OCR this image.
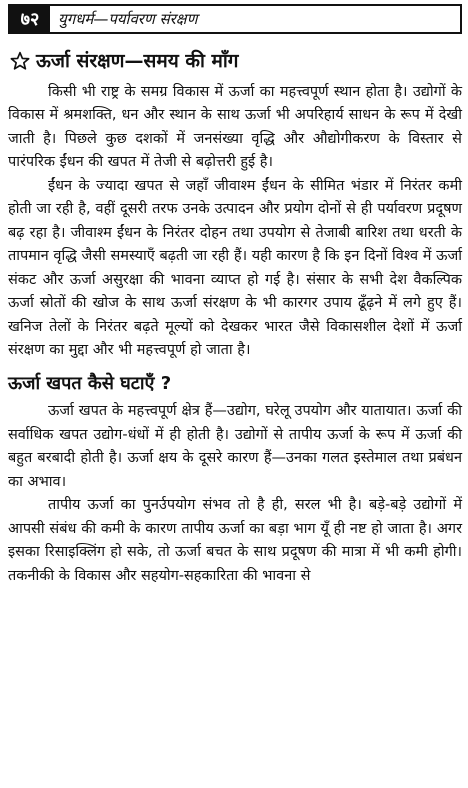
७२	युगधर्म—पर्यावरण संरक्षण
ऊर्जा संरक्षण—समय की माँग

किसी भी राष्ट्र के समग्र विकास में ऊर्जा का महत्त्वपूर्ण स्थान होता है। उद्योगों के विकास में श्रमशक्ति, धन और स्थान के साथ ऊर्जा भी अपरिहार्य साधन के रूप में देखी जाती है। पिछले कुछ दशकों में जनसंख्या वृद्धि और औद्योगीकरण के विस्तार से पारंपरिक ईंधन की खपत में तेजी से बढ़ोत्तरी हुई है।

ईंधन के ज्यादा खपत से जहाँ जीवाश्म ईंधन के सीमित भंडार में निरंतर कमी होती जा रही है, वहीं दूसरी तरफ उनके उत्पादन और प्रयोग दोनों से ही पर्यावरण प्रदूषण बढ़ रहा है। जीवाश्म ईंधन के निरंतर दोहन तथा उपयोग से तेजाबी बारिश तथा धरती के तापमान वृद्धि जैसी समस्याएँ बढ़ती जा रही हैं। यही कारण है कि इन दिनों विश्व में ऊर्जा संकट और ऊर्जा असुरक्षा की भावना व्याप्त हो गई है। संसार के सभी देश वैकल्पिक ऊर्जा स्रोतों की खोज के साथ ऊर्जा संरक्षण के भी कारगर उपाय ढूँढ़ने में लगे हुए हैं। खनिज तेलों के निरंतर बढ़ते मूल्यों को देखकर भारत जैसे विकासशील देशों में ऊर्जा संरक्षण का मुद्दा और भी महत्त्वपूर्ण हो जाता है।

ऊर्जा खपत कैसे घटाएँ ?

ऊर्जा खपत के महत्त्वपूर्ण क्षेत्र हैं—उद्योग, घरेलू उपयोग और यातायात। ऊर्जा की सर्वाधिक खपत उद्योग-धंधों में ही होती है। उद्योगों से तापीय ऊर्जा के रूप में ऊर्जा की बहुत बरबादी होती है। ऊर्जा क्षय के दूसरे कारण हैं—उनका गलत इस्तेमाल तथा प्रबंधन का अभाव।

तापीय ऊर्जा का पुनर्उपयोग संभव तो है ही, सरल भी है। बड़े-बड़े उद्योगों में आपसी संबंध की कमी के कारण तापीय ऊर्जा का बड़ा भाग यूँ ही नष्ट हो जाता है। अगर इसका रिसाइक्लिंग हो सके, तो ऊर्जा बचत के साथ प्रदूषण की मात्रा में भी कमी होगी। तकनीकी के विकास और सहयोग-सहकारिता की भावना से
